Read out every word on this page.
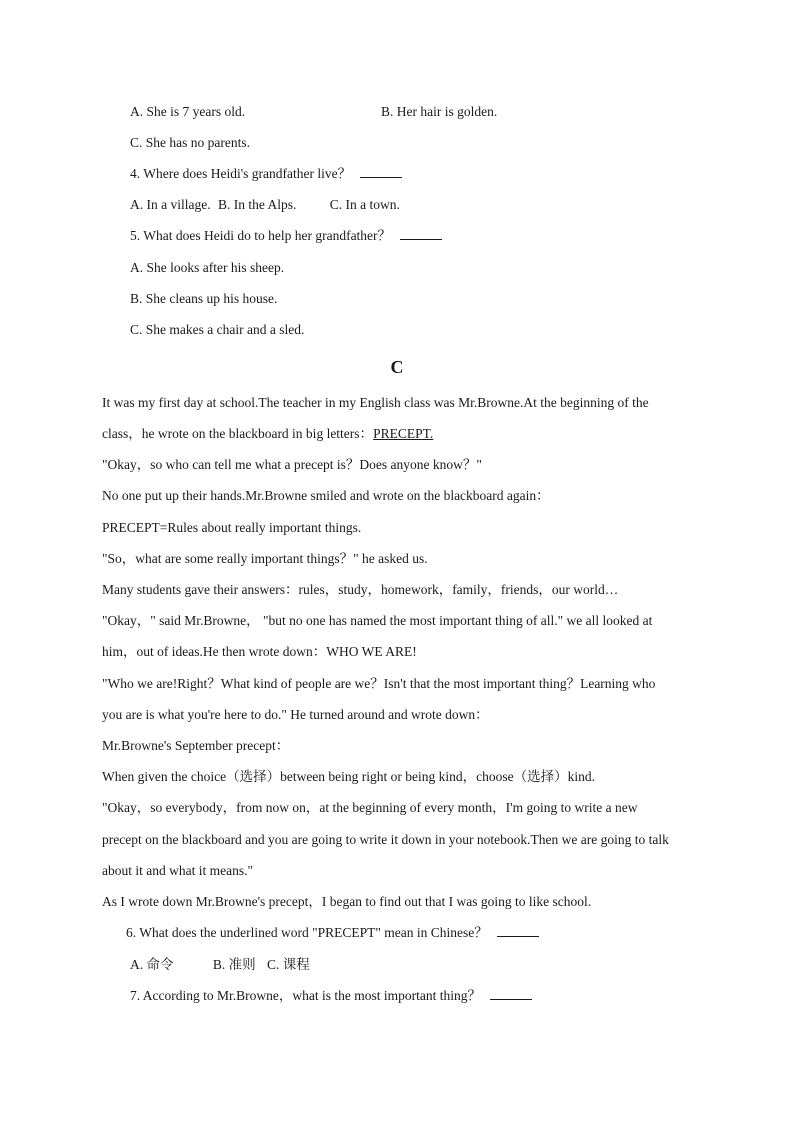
A. She is 7 years old.	B. Her hair is golden.
C. She has no parents.
4. Where does Heidi's grandfather live？
A. In a village. B. In the Alps. C. In a town.
5. What does Heidi do to help her grandfather？
A. She looks after his sheep.
B. She cleans up his house.
C. She makes a chair and a sled.
C
It was my first day at school.The teacher in my English class was Mr.Browne.At the beginning of the
class，he wrote on the blackboard in big letters：PRECEPT.
"Okay，so who can tell me what a precept is？Does anyone know？"
No one put up their hands.Mr.Browne smiled and wrote on the blackboard again：
PRECEPT=Rules about really important things.
"So，what are some really important things？" he asked us.
Many students gave their answers：rules，study，homework，family，friends，our world…
"Okay，" said Mr.Browne， "but no one has named the most important thing of all." we all looked at
him，out of ideas.He then wrote down：WHO WE ARE!
"Who we are!Right？What kind of people are we？Isn't that the most important thing？Learning who
you are is what you're here to do." He turned around and wrote down：
Mr.Browne's September precept：
When given the choice（选择）between being right or being kind，choose（选择）kind.
"Okay，so everybody，from now on，at the beginning of every month，I'm going to write a new
precept on the blackboard and you are going to write it down in your notebook.Then we are going to talk
about it and what it means."
As I wrote down Mr.Browne's precept，I began to find out that I was going to like school.
6. What does the underlined word "PRECEPT" mean in Chinese？
A. 命令	B. 准则 C. 课程
7. According to Mr.Browne，what is the most important thing？
